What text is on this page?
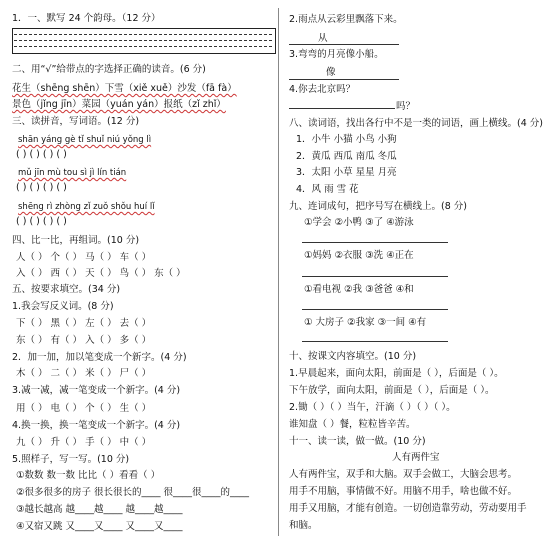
1．一、默写 24 个韵母。（12 分）
二、用“√”给带点的字选择正确的读音。(6 分)
花生（shēng shēn）下雪（xiě xuě）沙发（fā fà）
景色（jǐng jīn）菜园（yuán yán）报纸（zǐ zhǐ）
三、读拼音，写词语。(12 分)
shān yáng gè tǐ shuǐ niú yǒng lì
( ) ( ) ( ) ( )
mǔ jīn mù tou sì jì lín tián
( ) ( ) ( ) ( )
shēng rì zhòng zǐ zuǒ shǒu huí lǐ
( ) ( ) ( ) ( )
四、比一比，再组词。(10 分)
人（ ） 个（ ） 马（ ） 车（ ）
入（ ） 西（ ） 天（ ） 鸟（ ） 东（ ）
五、按要求填空。(34 分)
1.我会写反义词。(8 分)
下（ ） 黑（ ） 左（ ） 去（ ）
东（ ） 有（ ） 入（ ） 多（ ）
2．加一加，加以笔变成一个新字。(4 分)
木（ ） 二（ ） 米（ ） 尸（ ）
3.减一减，减一笔变成一个新字。(4 分)
用（ ） 电（ ） 个（ ） 生（ ）
4.换一换，换一笔变成一个新字。(4 分)
九（ ） 升（ ） 手（ ） 中（ ）
5.照样子，写一写。(10 分)
①数数 数一数 比比（ ）看看（ ）
②很多很多的房子 很长很长的____ 很____很____的____
③越长越高 越____越____ 越____越____
④又宿又跳 又____又____ 又____又____
2.雨点从云彩里飘落下来。
从
3.弯弯的月亮像小船。
像
4.你去北京吗？
吗？
八、读词语，找出各行中不是一类的词语，画上横线。(4 分)
1．小牛 小猫 小鸟 小狗
2．黄瓜 西瓜 南瓜 冬瓜
3．太阳 小草 星星 月亮
4．风 雨 雪 花
九、连词成句，把序号写在横线上。(8 分)
①学会 ②小鸭 ③了 ④游泳
①妈妈 ②衣服 ③洗 ④正在
①看电视 ②我 ③爸爸 ④和
① 大房子 ②我家 ③一间 ④有
十、按课文内容填空。(10 分)
1.早晨起来，面向太阳，前面是（ ），后面是（ ）。
下午放学，面向太阳，前面是（ ），后面是（ ）。
2.锄（ ）（ ）当午，汗滴（ ）（ ）（ ）。
谁知盘（ ）餐，粒粒皆辛苦。
十一、读一读，做一做。(10 分)
人有两件宝
人有两件宝，双手和大脑。双手会做工，大脑会思考。
用手不用脑，事情做不好。用脑不用手，啥也做不好。
用手又用脑，才能有创造。一切创造靠劳动，劳动要用手
和脑。
